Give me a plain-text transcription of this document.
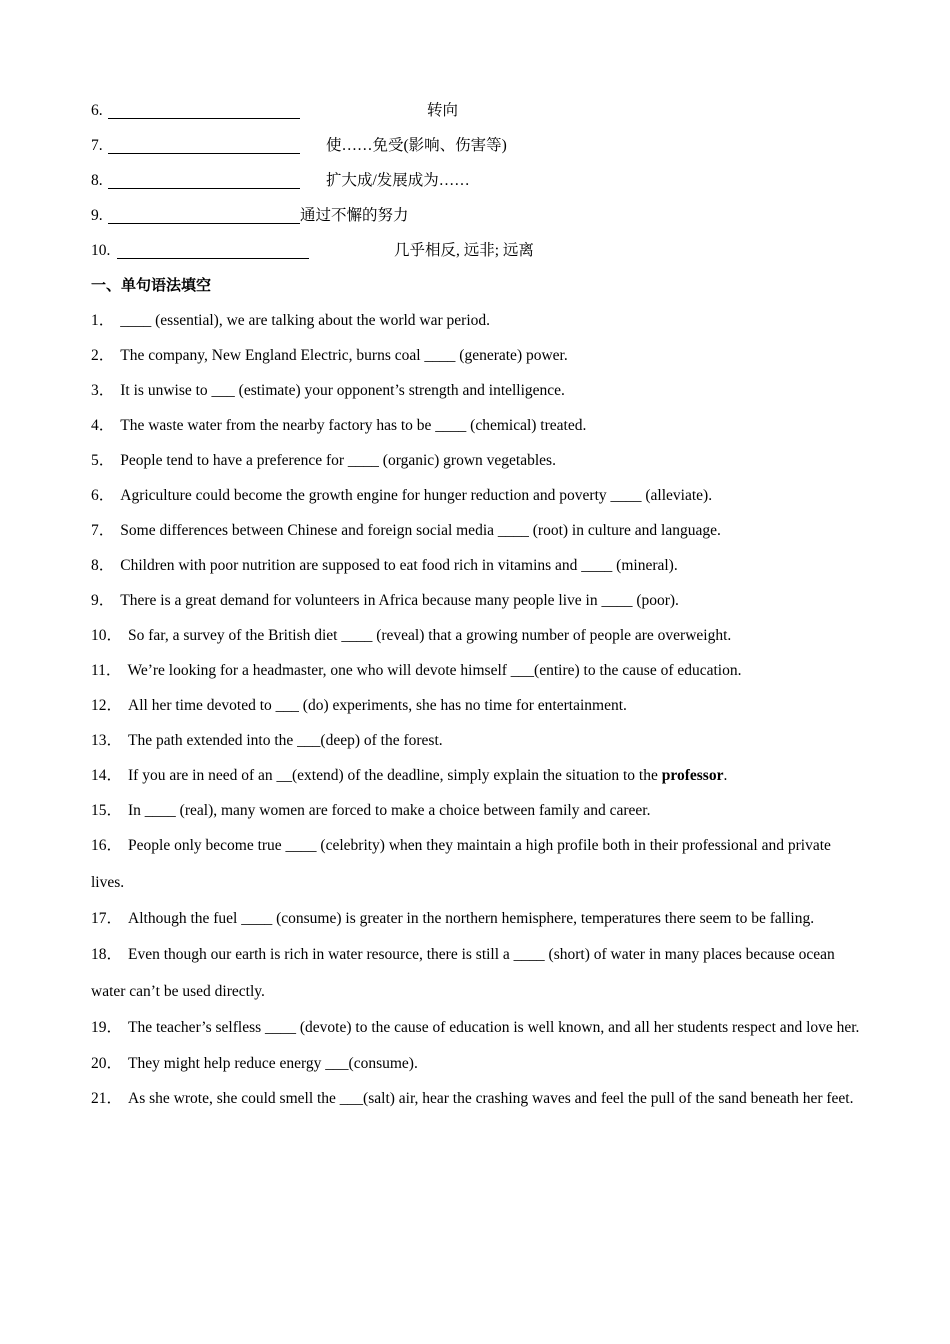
6.	转向
7.	使……免受(影响、伤害等)
8.	扩大成/发展成为……
9.	通过不懈的努力
10.	几乎相反, 远非; 远离
一、单句语法填空
1． ____ (essential), we are talking about the world war period.
2． The company, New England Electric, burns coal ____ (generate) power.
3． It is unwise to ___ (estimate) your opponent’s strength and intelligence.
4． The waste water from the nearby factory has to be ____ (chemical) treated.
5． People tend to have a preference for ____ (organic) grown vegetables.
6． Agriculture could become the growth engine for hunger reduction and poverty ____ (alleviate).
7． Some differences between Chinese and foreign social media ____ (root) in culture and language.
8． Children with poor nutrition are supposed to eat food rich in vitamins and ____ (mineral).
9． There is a great demand for volunteers in Africa because many people live in ____ (poor).
10． So far, a survey of the British diet ____ (reveal) that a growing number of people are overweight.
11． We’re looking for a headmaster, one who will devote himself ___(entire) to the cause of education.
12． All her time devoted to ___ (do) experiments, she has no time for entertainment.
13． The path extended into the ___(deep) of the forest.
14． If you are in need of an __(extend) of the deadline, simply explain the situation to the professor.
15． In ____ (real), many women are forced to make a choice between family and career.
16． People only become true ____ (celebrity) when they maintain a high profile both in their professional and private lives.
17． Although the fuel ____ (consume) is greater in the northern hemisphere, temperatures there seem to be falling.
18． Even though our earth is rich in water resource, there is still a ____ (short) of water in many places because ocean water can’t be used directly.
19． The teacher’s selfless ____ (devote) to the cause of education is well known, and all her students respect and love her.
20． They might help reduce energy ___(consume).
21． As she wrote, she could smell the ___(salt) air, hear the crashing waves and feel the pull of the sand beneath her feet.
